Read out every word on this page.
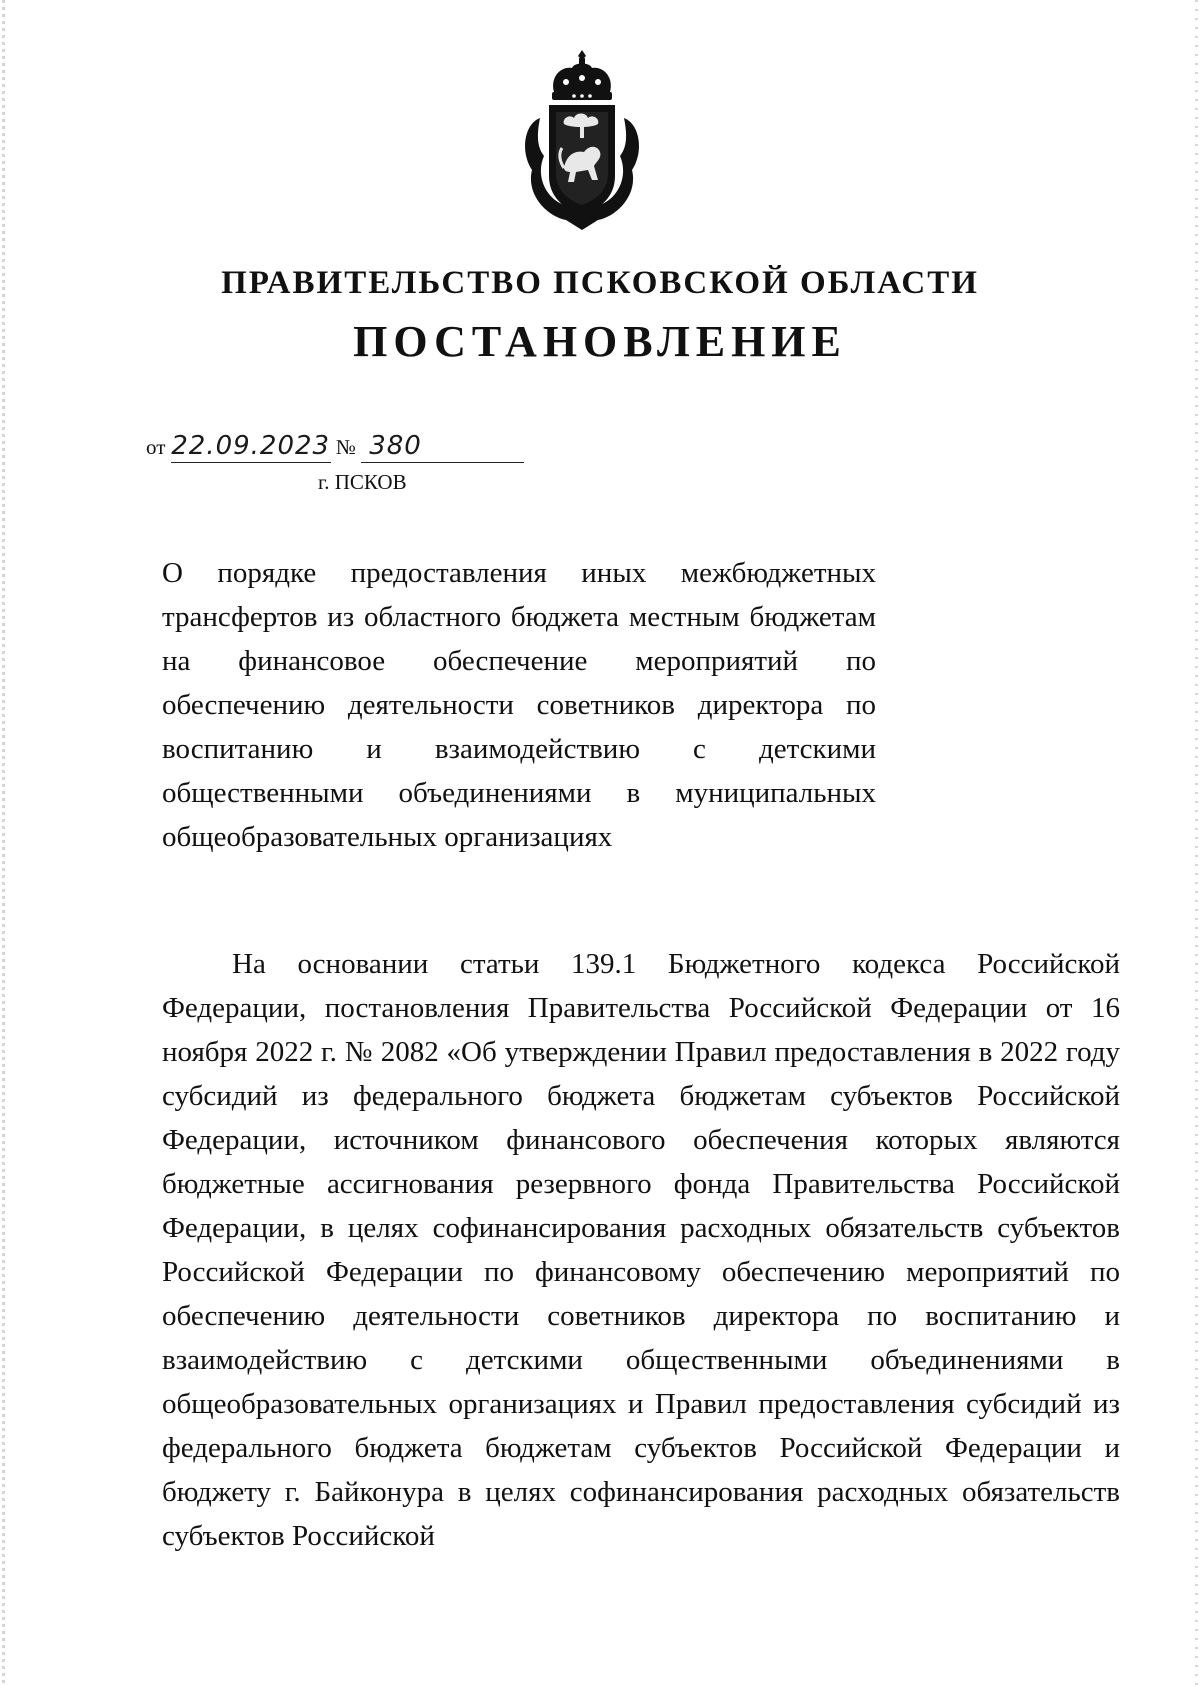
ПРАВИТЕЛЬСТВО ПСКОВСКОЙ ОБЛАСТИ
ПОСТАНОВЛЕНИЕ
от 22.09.2023 № 380
г. ПСКОВ
О порядке предоставления иных межбюджетных трансфертов из областного бюджета местным бюджетам на финансовое обеспечение мероприятий по обеспечению деятельности советников директора по воспитанию и взаимодействию с детскими общественными объединениями в муниципальных общеобразовательных организациях
На основании статьи 139.1 Бюджетного кодекса Российской Федерации, постановления Правительства Российской Федерации от 16 ноября 2022 г. № 2082 «Об утверждении Правил предоставления в 2022 году субсидий из федерального бюджета бюджетам субъектов Российской Федерации, источником финансового обеспечения которых являются бюджетные ассигнования резервного фонда Правительства Российской Федерации, в целях софинансирования расходных обязательств субъектов Российской Федерации по финансовому обеспечению мероприятий по обеспечению деятельности советников директора по воспитанию и взаимодействию с детскими общественными объединениями в общеобразовательных организациях и Правил предоставления субсидий из федерального бюджета бюджетам субъектов Российской Федерации и бюджету г. Байконура в целях софинансирования расходных обязательств субъектов Российской
